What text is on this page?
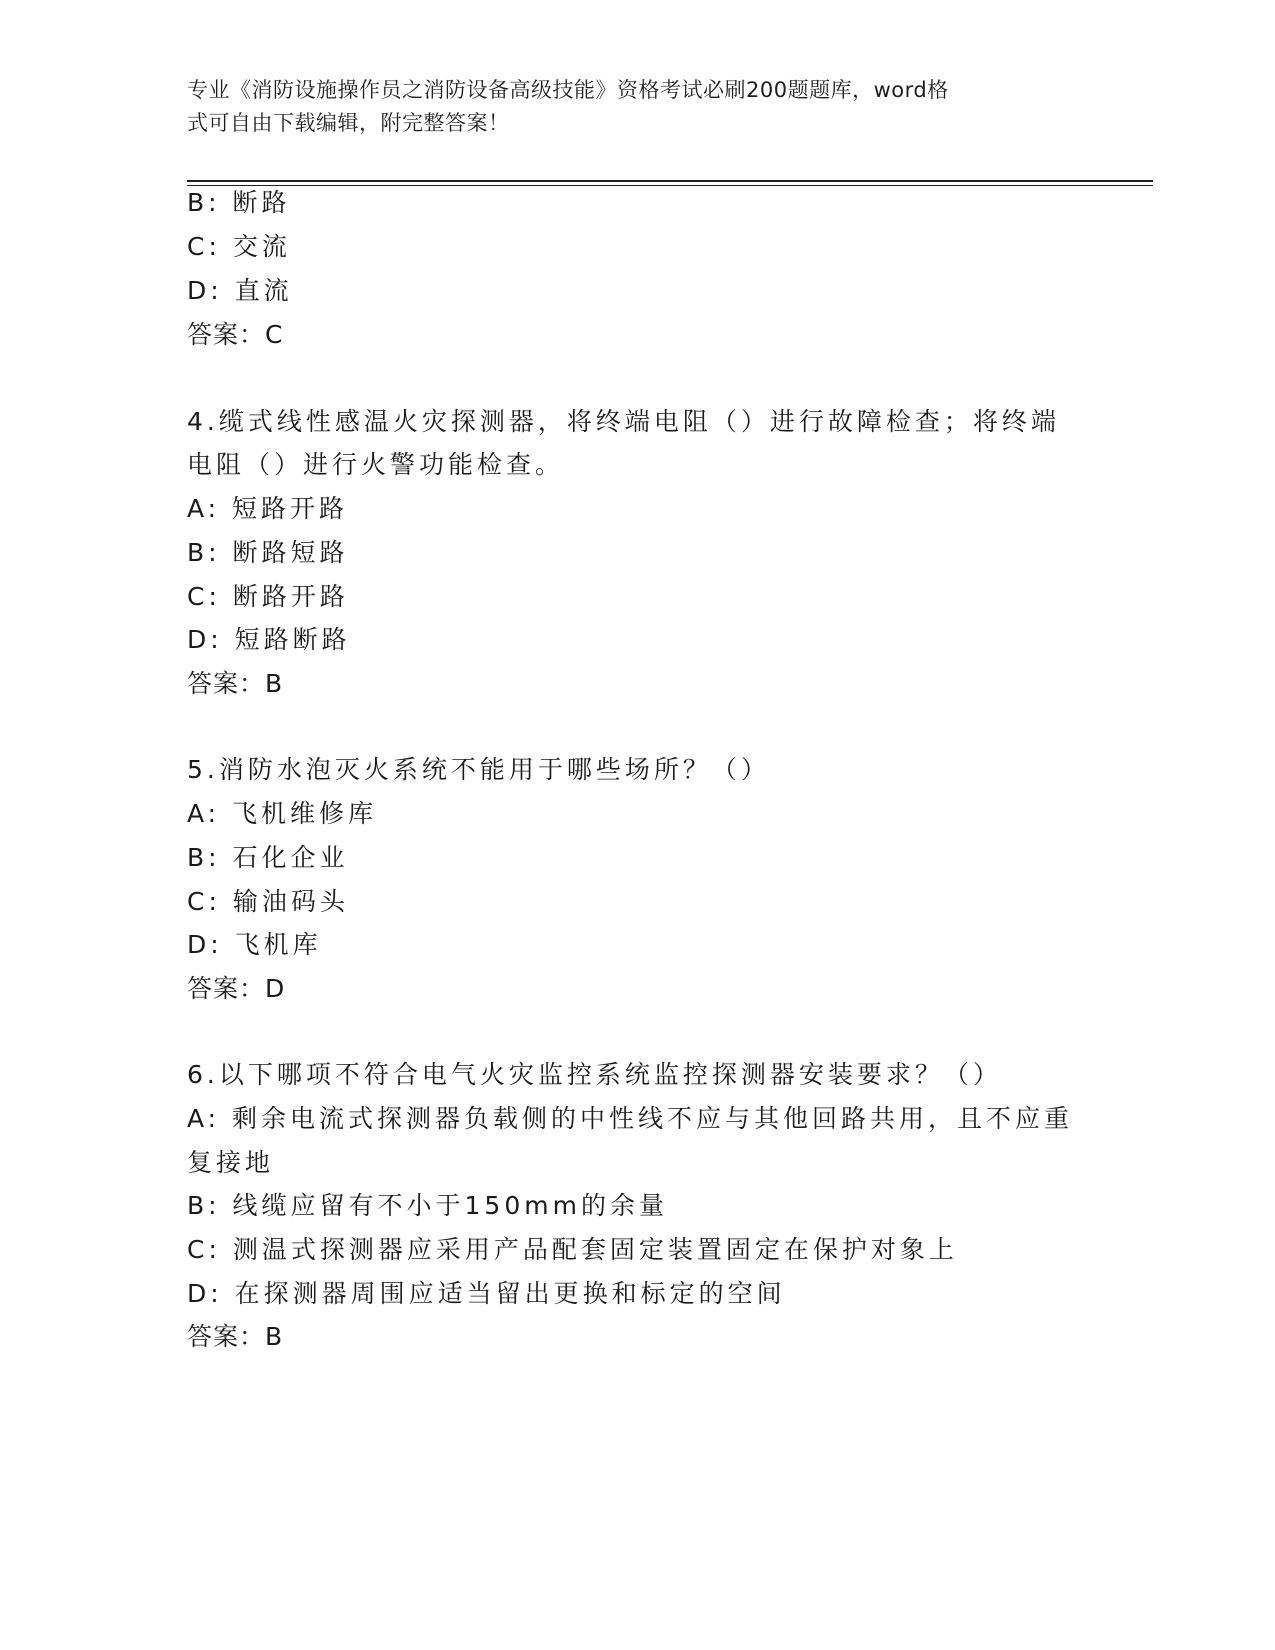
专业《消防设施操作员之消防设备高级技能》资格考试必刷200题题库，word格
式可自由下载编辑，附完整答案！
B: 断路
C: 交流
D: 直流
答案：C
4.缆式线性感温火灾探测器，将终端电阻（）进行故障检查；将终端
电阻（）进行火警功能检查。
A: 短路开路
B: 断路短路
C: 断路开路
D: 短路断路
答案：B
5.消防水泡灭火系统不能用于哪些场所？（）
A: 飞机维修库
B: 石化企业
C: 输油码头
D: 飞机库
答案：D
6.以下哪项不符合电气火灾监控系统监控探测器安装要求？（）
A: 剩余电流式探测器负载侧的中性线不应与其他回路共用，且不应重
复接地
B: 线缆应留有不小于150mm的余量
C: 测温式探测器应采用产品配套固定装置固定在保护对象上
D: 在探测器周围应适当留出更换和标定的空间
答案：B
